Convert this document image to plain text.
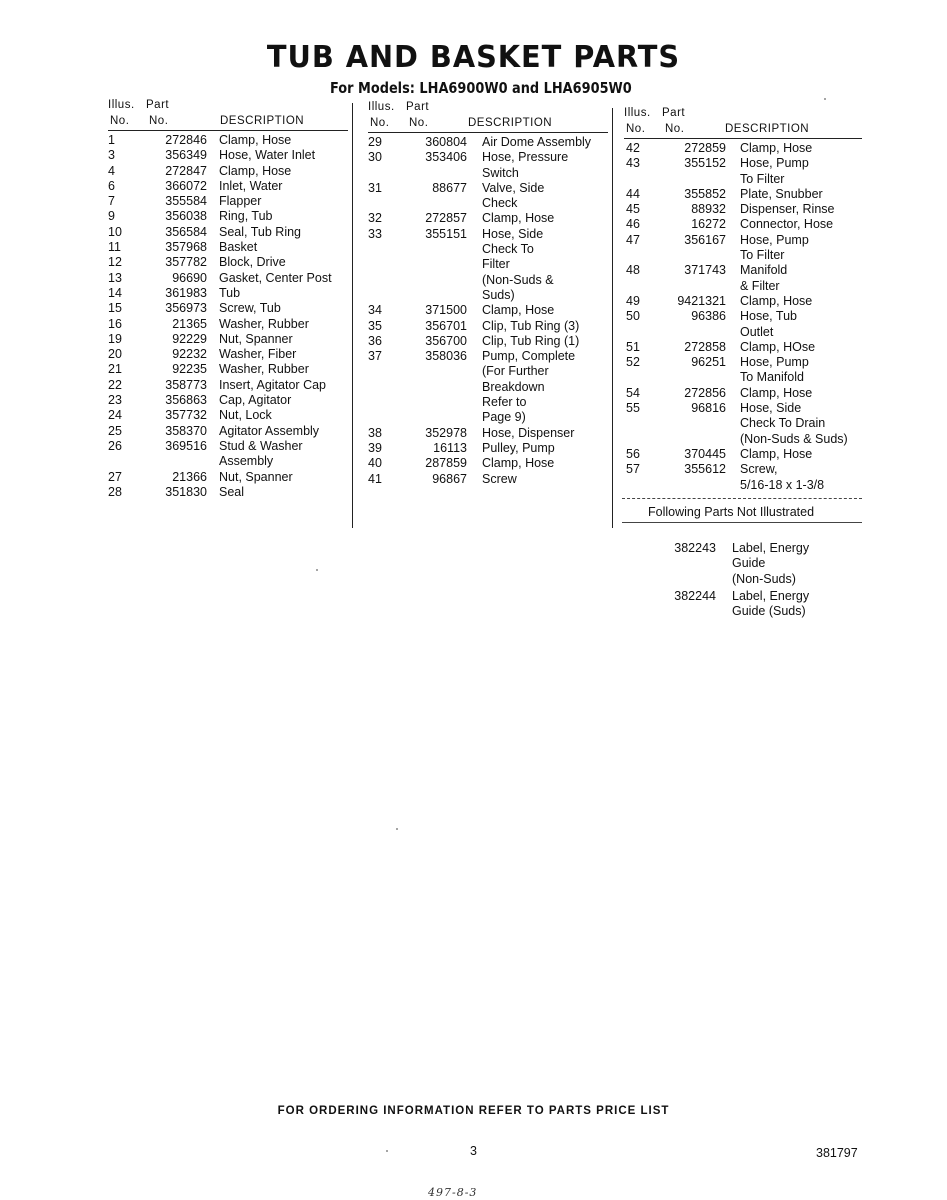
TUB AND BASKET PARTS
For Models: LHA6900W0 and LHA6905W0
Illus. Part
No. No.	DESCRIPTION
1	272846 Clamp, Hose
3	356349 Hose, Water Inlet
4	272847 Clamp, Hose
6	366072 Inlet, Water
7	355584 Flapper
9	356038 Ring, Tub
10	356584 Seal, Tub Ring
11	357968 Basket
12	357782 Block, Drive
13	96690 Gasket, Center Post
14	361983 Tub
15	356973 Screw, Tub
16	21365 Washer, Rubber
19	92229 Nut, Spanner
20	92232 Washer, Fiber
21	92235 Washer, Rubber
22	358773 Insert, Agitator Cap
23	356863 Cap, Agitator
24	357732 Nut, Lock
25	358370 Agitator Assembly
26	369516 Stud & Washer
Assembly
27	21366 Nut, Spanner
28	351830 Seal
Illus. Part
No. No.	DESCRIPTION
29	360804 Air Dome Assembly
30	353406 Hose, Pressure
Switch
31	88677 Valve, Side
Check
32	272857 Clamp, Hose
33	355151 Hose, Side
Check To
Filter
(Non-Suds &
Suds)
34	371500 Clamp, Hose
35	356701 Clip, Tub Ring (3)
36	356700 Clip, Tub Ring (1)
37	358036 Pump, Complete
(For Further
Breakdown
Refer to
Page 9)
38	352978 Hose, Dispenser
39	16113 Pulley, Pump
40	287859 Clamp, Hose
41	96867 Screw
Illus. Part
No. No.	DESCRIPTION
42	272859 Clamp, Hose
43	355152 Hose, Pump
To Filter
44	355852 Plate, Snubber
45	88932 Dispenser, Rinse
46	16272 Connector, Hose
47	356167 Hose, Pump
To Filter
48	371743 Manifold
& Filter
49	9421321 Clamp, Hose
50	96386 Hose, Tub
Outlet
51	272858 Clamp, HOse
52	96251 Hose, Pump
To Manifold
54	272856 Clamp, Hose
55	96816 Hose, Side
Check To Drain
(Non-Suds & Suds)
56	370445 Clamp, Hose
57	355612 Screw,
5/16-18 x 1-3/8
Following Parts Not Illustrated
382243 Label, Energy
Guide
(Non-Suds)
382244 Label, Energy
Guide (Suds)
FOR ORDERING INFORMATION REFER TO PARTS PRICE LIST
3	381797
497-8-3
